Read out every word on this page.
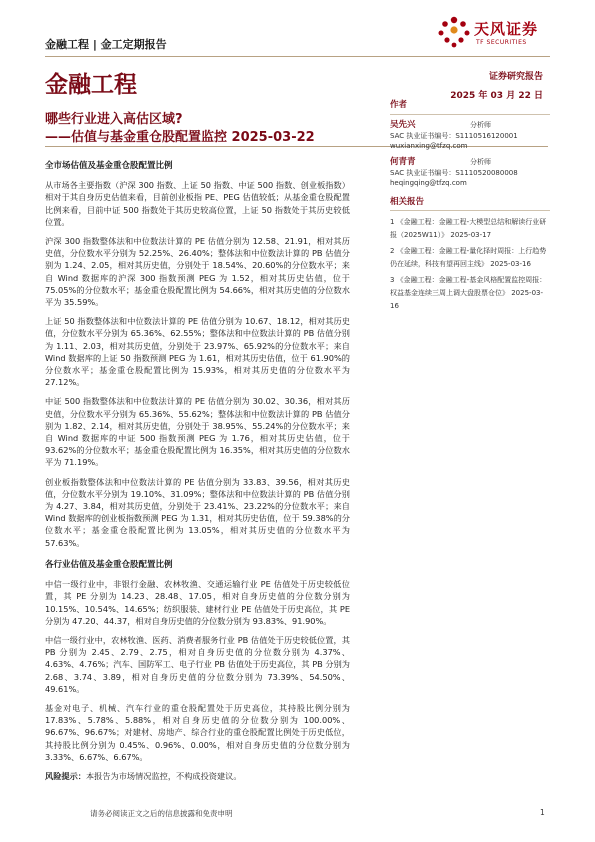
金融工程 | 金工定期报告
天风证券
TF SECURITIES
金融工程	证券研究报告
2025 年 03 月 22 日
哪些行业进入高估区域?
——估值与基金重仓股配置监控 2025-03-22
全市场估值及基金重仓股配置比例

从市场各主要指数（沪深 300 指数、上证 50 指数、中证 500 指数、创业板指数）相对于其自身历史估值来看，目前创业板指 PE、PEG 估值较低；从基金重仓股配置比例来看，目前中证 500 指数处于其历史较高位置，上证 50 指数处于其历史较低位置。

沪深 300 指数整体法和中位数法计算的 PE 估值分别为 12.58、21.91，相对其历史值，分位数水平分别为 52.25%、26.40%；整体法和中位数法计算的 PB 估值分别为 1.24、2.05，相对其历史值，分别处于 18.54%、20.60%的分位数水平；来自 Wind 数据库的沪深 300 指数预测 PEG 为 1.52，相对其历史估值，位于 75.05%的分位数水平；基金重仓股配置比例为 54.66%，相对其历史值的分位数水平为 35.59%。

上证 50 指数整体法和中位数法计算的 PE 估值分别为 10.67、18.12，相对其历史值，分位数水平分别为 65.36%、62.55%；整体法和中位数法计算的 PB 估值分别为 1.11、2.03，相对其历史值，分别处于 23.97%、65.92%的分位数水平；来自 Wind 数据库的上证 50 指数预测 PEG 为 1.61，相对其历史估值，位于 61.90%的分位数水平；基金重仓股配置比例为 15.93%，相对其历史值的分位数水平为 27.12%。

中证 500 指数整体法和中位数法计算的 PE 估值分别为 30.02、30.36，相对其历史值，分位数水平分别为 65.36%、55.62%；整体法和中位数法计算的 PB 估值分别为 1.82、2.14，相对其历史值，分别处于 38.95%、55.24%的分位数水平；来自 Wind 数据库的中证 500 指数预测 PEG 为 1.76，相对其历史估值，位于 93.62%的分位数水平；基金重仓股配置比例为 16.35%，相对其历史值的分位数水平为 71.19%。

创业板指数整体法和中位数法计算的 PE 估值分别为 33.83、39.56，相对其历史值，分位数水平分别为 19.10%、31.09%；整体法和中位数法计算的 PB 估值分别为 4.27、3.84，相对其历史值，分别处于 23.41%、23.22%的分位数水平；来自 Wind 数据库的创业板指数预测 PEG 为 1.31，相对其历史估值，位于 59.38%的分位数水平；基金重仓股配置比例为 13.05%，相对其历史值的分位数水平为 57.63%。

各行业估值及基金重仓股配置比例

中信一级行业中，非银行金融、农林牧渔、交通运输行业 PE 估值处于历史较低位置，其 PE 分别为 14.23、28.48、17.05，相对自身历史值的分位数分别为 10.15%、10.54%、14.65%；纺织服装、建材行业 PE 估值处于历史高位，其 PE 分别为 47.20、44.37，相对自身历史值的分位数分别为 93.83%、91.90%。

中信一级行业中，农林牧渔、医药、消费者服务行业 PB 估值处于历史较低位置，其 PB 分别为 2.45、2.79、2.75，相对自身历史值的分位数分别为 4.37%、4.63%、4.76%；汽车、国防军工、电子行业 PB 估值处于历史高位，其 PB 分别为 2.68、3.74、3.89，相对自身历史值的分位数分别为 73.39%、54.50%、49.61%。

基金对电子、机械、汽车行业的重仓股配置处于历史高位，其持股比例分别为 17.83%、5.78%、5.88%，相对自身历史值的分位数分别为 100.00%、96.67%、96.67%；对建材、房地产、综合行业的重仓股配置比例处于历史低位，其持股比例分别为 0.45%、0.96%、0.00%，相对自身历史值的分位数分别为 3.33%、6.67%、6.67%。

风险提示：本报告为市场情况监控，不构成投资建议。

作者
吴先兴	分析师
SAC 执业证书编号：S1110516120001
wuxianxing@tfzq.com
何青青	分析师
SAC 执业证书编号：S1110520080008
heqingqing@tfzq.com
相关报告
1 《金融工程：金融工程-大模型总结和解读行业研报（2025W11）》 2025-03-17
2 《金融工程：金融工程-量化择时周报：上行趋势仍在延续，科技有望再回主线》 2025-03-16
3 《金融工程：金融工程-基金风格配置监控周报：权益基金连续三周上调大盘股票仓位》 2025-03-16
请务必阅读正文之后的信息披露和免责申明	1
